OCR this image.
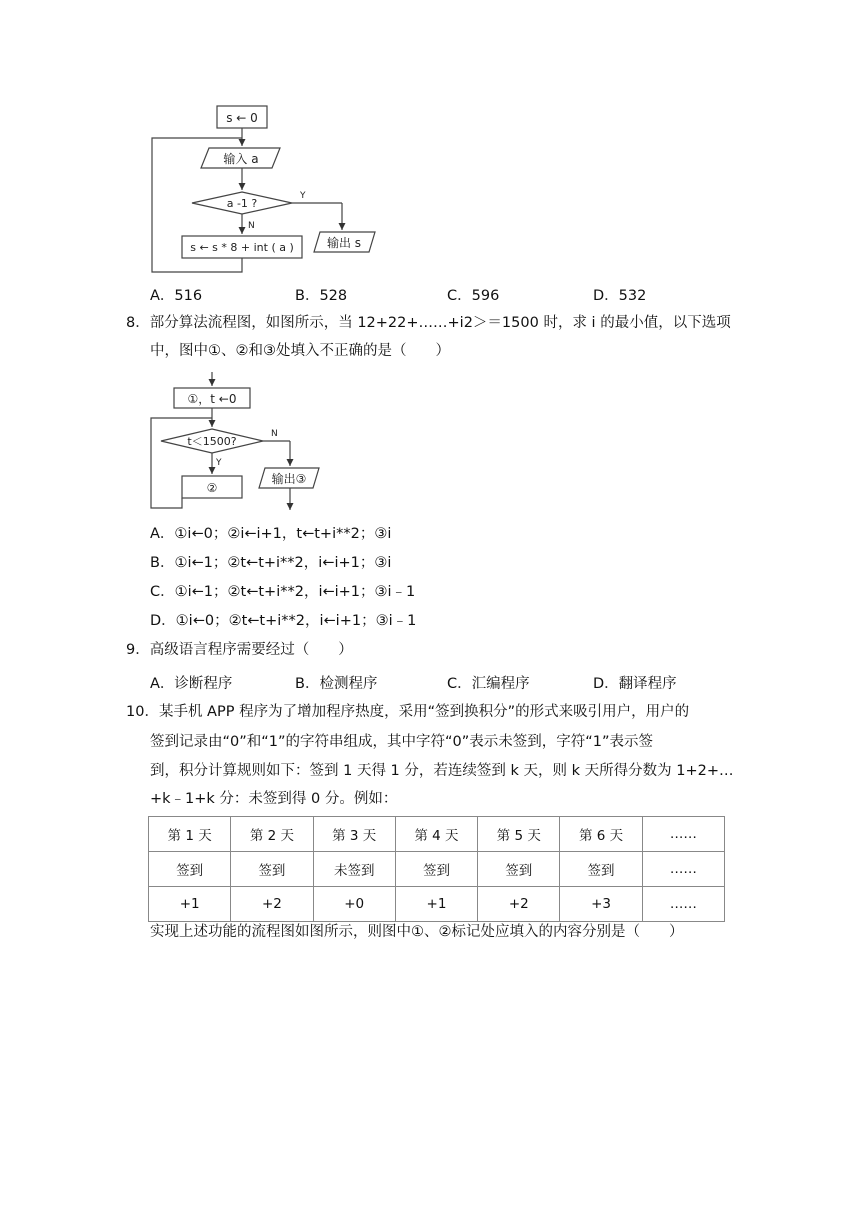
s ← 0
输入 a
a -1 ?
Y
N
s ← s * 8 + int ( a )	输出 s
A．516	B．528	C．596	D．532
8．部分算法流程图，如图所示，当 12+22+……+i2＞＝1500 时，求 i 的最小值，以下选项
中，图中①、②和③处填入不正确的是（　　）
①，t ←0
t＜1500?
N
Y
②
输出③
A．①i←0；②i←i+1，t←t+i**2；③i
B．①i←1；②t←t+i**2，i←i+1；③i
C．①i←1；②t←t+i**2，i←i+1；③i﹣1
D．①i←0；②t←t+i**2，i←i+1；③i﹣1
9．高级语言程序需要经过（　　）
A．诊断程序	B．检测程序	C．汇编程序	D．翻译程序
10．某手机 APP 程序为了增加程序热度，采用“签到换积分”的形式来吸引用户，用户的
签到记录由“0”和“1”的字符串组成，其中字符“0”表示未签到，字符“1”表示签
到，积分计算规则如下：签到 1 天得 1 分，若连续签到 k 天，则 k 天所得分数为 1+2+…
+k﹣1+k 分：未签到得 0 分。例如：
第 1 天	第 2 天	第 3 天	第 4 天	第 5 天	第 6 天	……
签到	签到	未签到	签到	签到	签到	……
+1	+2	+0	+1	+2	+3	……
实现上述功能的流程图如图所示，则图中①、②标记处应填入的内容分别是（　　）
